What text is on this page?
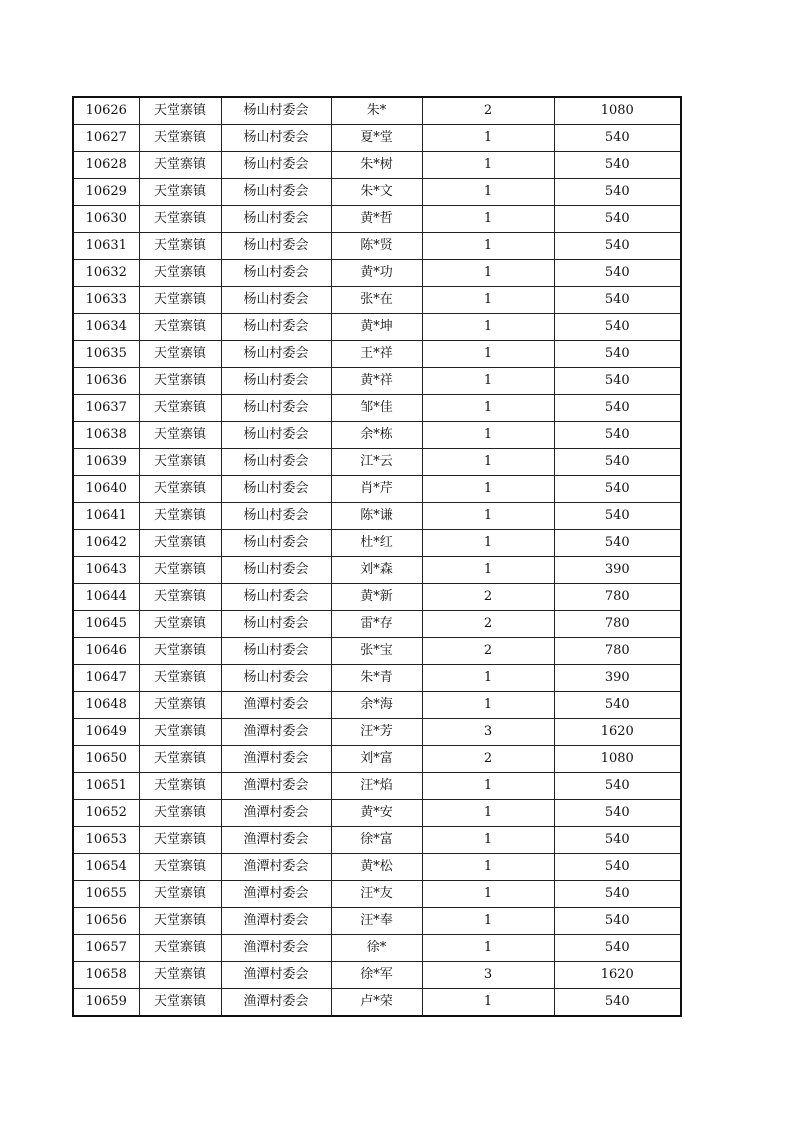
10626	天堂寨镇	杨山村委会	朱*	2	1080
10627	天堂寨镇	杨山村委会	夏*堂	1	540
10628	天堂寨镇	杨山村委会	朱*树	1	540
10629	天堂寨镇	杨山村委会	朱*文	1	540
10630	天堂寨镇	杨山村委会	黄*哲	1	540
10631	天堂寨镇	杨山村委会	陈*贤	1	540
10632	天堂寨镇	杨山村委会	黄*功	1	540
10633	天堂寨镇	杨山村委会	张*在	1	540
10634	天堂寨镇	杨山村委会	黄*坤	1	540
10635	天堂寨镇	杨山村委会	王*祥	1	540
10636	天堂寨镇	杨山村委会	黄*祥	1	540
10637	天堂寨镇	杨山村委会	邹*佳	1	540
10638	天堂寨镇	杨山村委会	余*栋	1	540
10639	天堂寨镇	杨山村委会	江*云	1	540
10640	天堂寨镇	杨山村委会	肖*芹	1	540
10641	天堂寨镇	杨山村委会	陈*谦	1	540
10642	天堂寨镇	杨山村委会	杜*红	1	540
10643	天堂寨镇	杨山村委会	刘*森	1	390
10644	天堂寨镇	杨山村委会	黄*新	2	780
10645	天堂寨镇	杨山村委会	雷*存	2	780
10646	天堂寨镇	杨山村委会	张*宝	2	780
10647	天堂寨镇	杨山村委会	朱*青	1	390
10648	天堂寨镇	渔潭村委会	余*海	1	540
10649	天堂寨镇	渔潭村委会	汪*芳	3	1620
10650	天堂寨镇	渔潭村委会	刘*富	2	1080
10651	天堂寨镇	渔潭村委会	汪*焰	1	540
10652	天堂寨镇	渔潭村委会	黄*安	1	540
10653	天堂寨镇	渔潭村委会	徐*富	1	540
10654	天堂寨镇	渔潭村委会	黄*松	1	540
10655	天堂寨镇	渔潭村委会	汪*友	1	540
10656	天堂寨镇	渔潭村委会	汪*奉	1	540
10657	天堂寨镇	渔潭村委会	徐*	1	540
10658	天堂寨镇	渔潭村委会	徐*军	3	1620
10659	天堂寨镇	渔潭村委会	卢*荣	1	540
